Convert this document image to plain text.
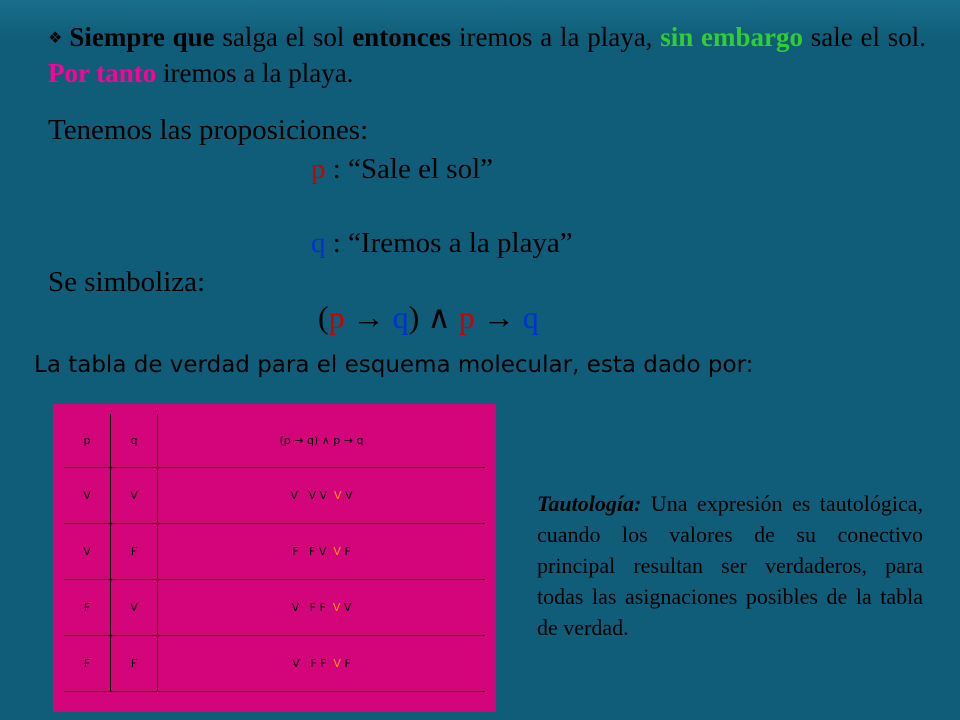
❖ Siempre que salga el sol entonces iremos a la playa, sin embargo sale el sol. Por tanto iremos a la playa.
Tenemos las proposiciones:
p : “Sale el sol”
q : “Iremos a la playa”
Se simboliza:
(p → q) ∧ p → q
La tabla de verdad para el esquema molecular, esta dado por:
p	q	(p → q) ∧ p → q
V	V	V V V V V
V	F	F F V V F
F	V	V F F V V
F	F	V F F V F
Tautología: Una expresión es tautológica, cuando los valores de su conectivo principal resultan ser verdaderos, para todas las asignaciones posibles de la tabla de verdad.
